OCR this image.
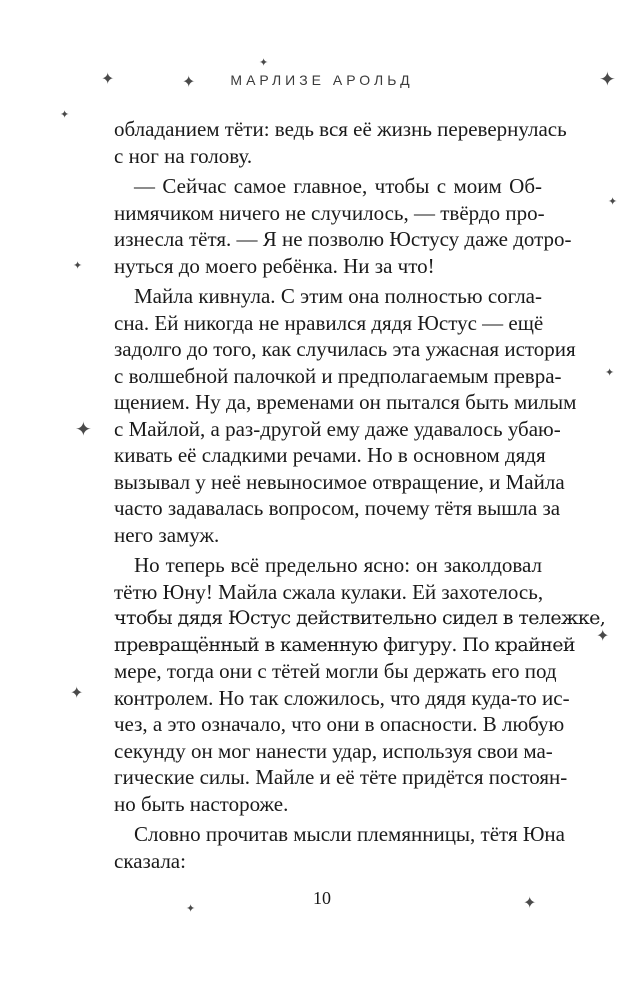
МАРЛИЗЕ АРОЛЬД
обладанием тёти: ведь вся её жизнь перевернулась
с ног на голову.
— Сейчас самое главное, чтобы с моим Об-
нимячиком ничего не случилось, — твёрдо про-
изнесла тётя. — Я не позволю Юстусу даже дотро-
нуться до моего ребёнка. Ни за что!
Майла кивнула. С этим она полностью согла-
сна. Ей никогда не нравился дядя Юстус — ещё
задолго до того, как случилась эта ужасная история
с волшебной палочкой и предполагаемым превра-
щением. Ну да, временами он пытался быть милым
с Майлой, а раз-другой ему даже удавалось убаю-
кивать её сладкими речами. Но в основном дядя
вызывал у неё невыносимое отвращение, и Майла
часто задавалась вопросом, почему тётя вышла за
него замуж.
Но теперь всё предельно ясно: он заколдовал
тётю Юну! Майла сжала кулаки. Ей захотелось,
чтобы дядя Юстус действительно сидел в тележке,
превращённый в каменную фигуру. По крайней
мере, тогда они с тётей могли бы держать его под
контролем. Но так сложилось, что дядя куда-то ис-
чез, а это означало, что они в опасности. В любую
секунду он мог нанести удар, используя свои ма-
гические силы. Майле и её тёте придётся постоян-
но быть настороже.
Словно прочитав мысли племянницы, тётя Юна
сказала:
10
✦
✦	✦	✦
✦
✦
✦
✦
✦
✦
✦
✦	✦
